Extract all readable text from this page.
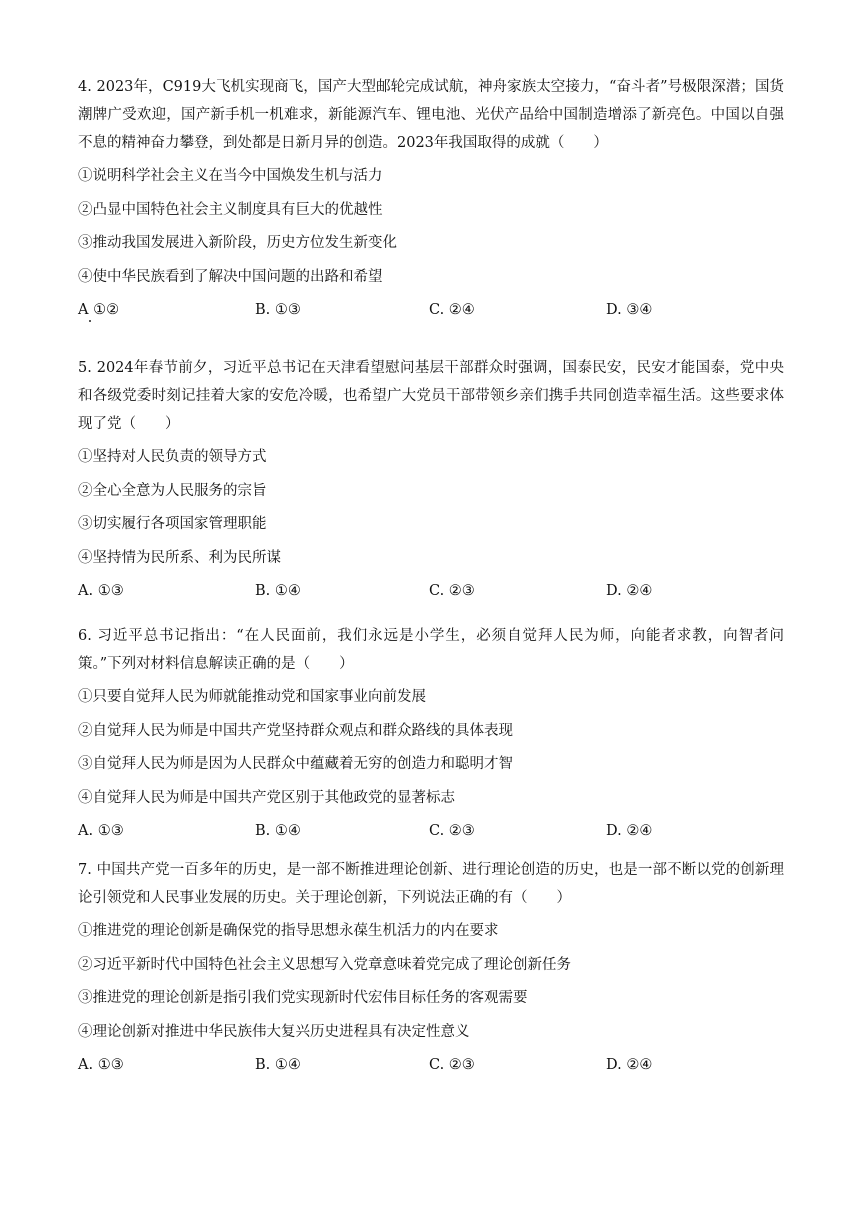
4. 2023年，C919大飞机实现商飞，国产大型邮轮完成试航，神舟家族太空接力，“奋斗者”号极限深潜；国货潮牌广受欢迎，国产新手机一机难求，新能源汽车、锂电池、光伏产品给中国制造增添了新亮色。中国以自强不息的精神奋力攀登，到处都是日新月异的创造。2023年我国取得的成就（　　）

①说明科学社会主义在当今中国焕发生机与活力
②凸显中国特色社会主义制度具有巨大的优越性
③推动我国发展进入新阶段，历史方位发生新变化
④使中华民族看到了解决中国问题的出路和希望
A ①②	B. ①③	C. ②④	D. ③④

5. 2024年春节前夕，习近平总书记在天津看望慰问基层干部群众时强调，国泰民安，民安才能国泰，党中央和各级党委时刻记挂着大家的安危冷暖，也希望广大党员干部带领乡亲们携手共同创造幸福生活。这些要求体现了党（　　）

①坚持对人民负责的领导方式
②全心全意为人民服务的宗旨
③切实履行各项国家管理职能
④坚持情为民所系、利为民所谋
A. ①③	B. ①④	C. ②③	D. ②④

6. 习近平总书记指出：“在人民面前，我们永远是小学生，必须自觉拜人民为师，向能者求教，向智者问策。”下列对材料信息解读正确的是（　　）

①只要自觉拜人民为师就能推动党和国家事业向前发展
②自觉拜人民为师是中国共产党坚持群众观点和群众路线的具体表现
③自觉拜人民为师是因为人民群众中蕴藏着无穷的创造力和聪明才智
④自觉拜人民为师是中国共产党区别于其他政党的显著标志
A. ①③	B. ①④	C. ②③	D. ②④

7. 中国共产党一百多年的历史，是一部不断推进理论创新、进行理论创造的历史，也是一部不断以党的创新理论引领党和人民事业发展的历史。关于理论创新，下列说法正确的有（　　）

①推进党的理论创新是确保党的指导思想永葆生机活力的内在要求
②习近平新时代中国特色社会主义思想写入党章意味着党完成了理论创新任务
③推进党的理论创新是指引我们党实现新时代宏伟目标任务的客观需要
④理论创新对推进中华民族伟大复兴历史进程具有决定性意义
A. ①③	B. ①④	C. ②③	D. ②④
